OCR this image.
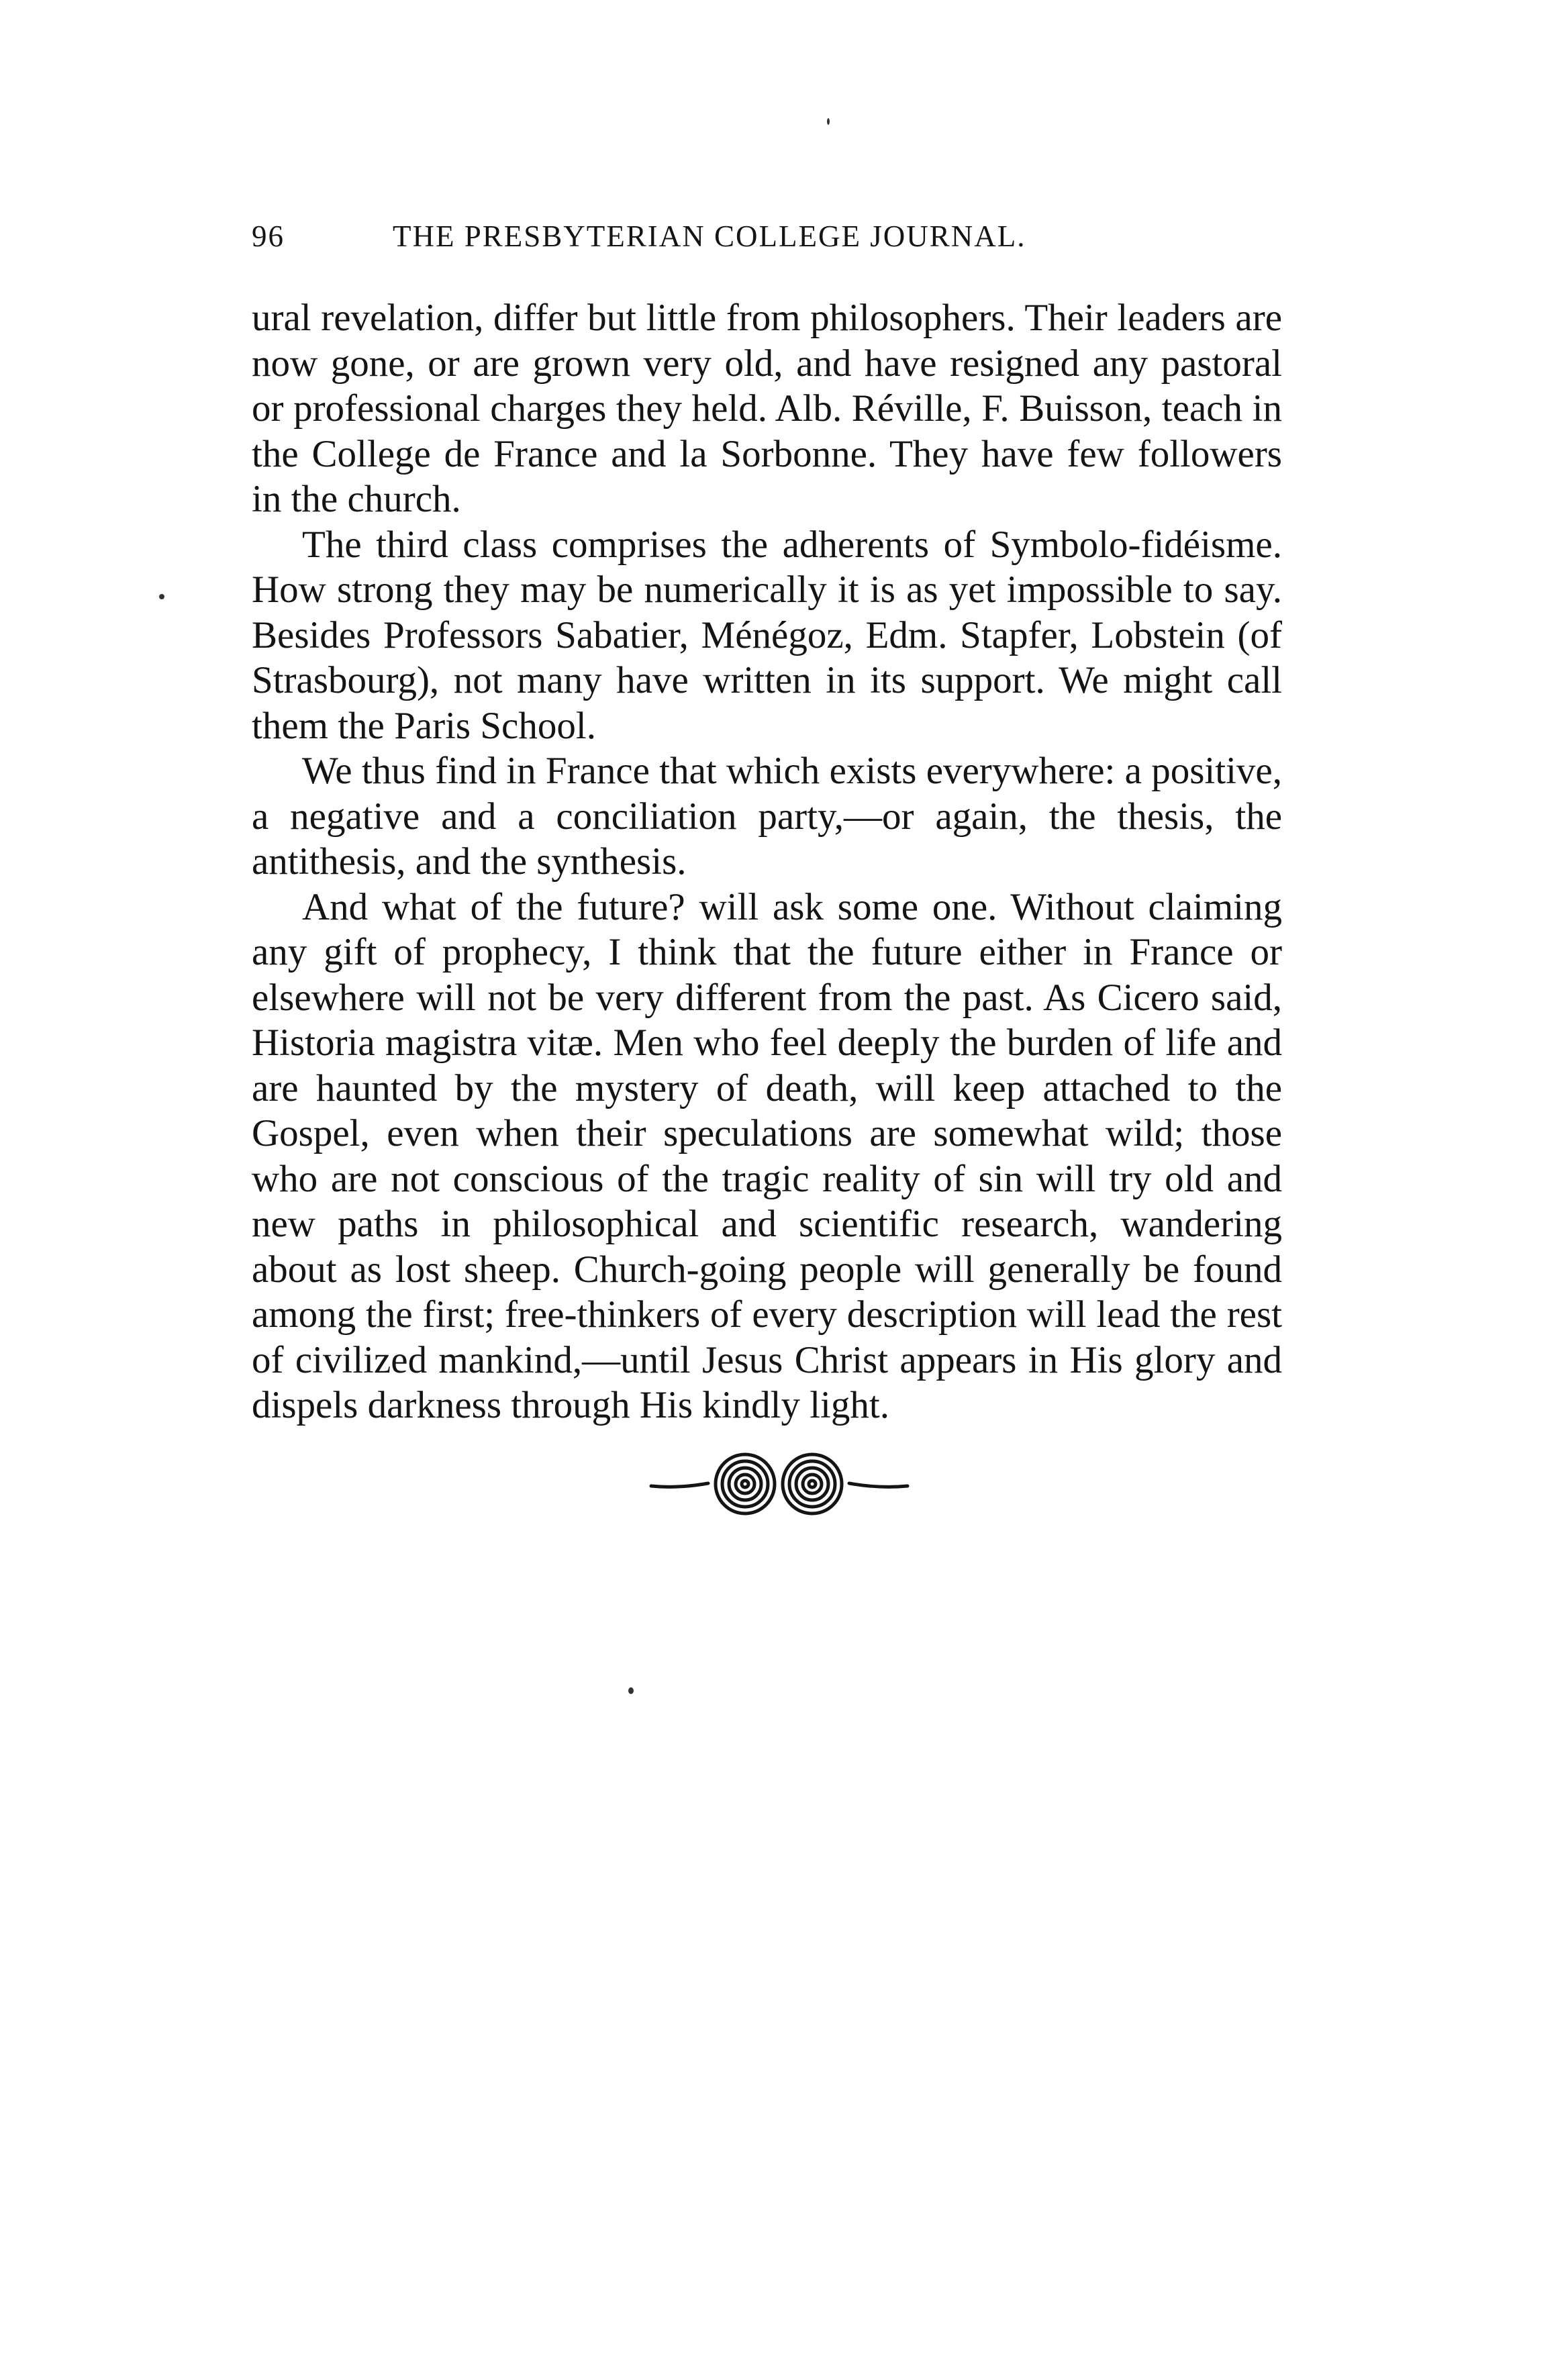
96	THE PRESBYTERIAN COLLEGE JOURNAL.

ural revelation, differ but little from philosophers. Their leaders are now gone, or are grown very old, and have resigned any pastoral or professional charges they held. Alb. Réville, F. Buisson, teach in the College de France and la Sorbonne. They have few followers in the church.

The third class comprises the adherents of Symbolo-fidéisme. How strong they may be numerically it is as yet impossible to say. Besides Professors Sabatier, Ménégoz, Edm. Stapfer, Lobstein (of Strasbourg), not many have written in its support. We might call them the Paris School.

We thus find in France that which exists everywhere: a positive, a negative and a conciliation party,—or again, the thesis, the antithesis, and the synthesis.

And what of the future? will ask some one. Without claiming any gift of prophecy, I think that the future either in France or elsewhere will not be very different from the past. As Cicero said, Historia magistra vitæ. Men who feel deeply the burden of life and are haunted by the mystery of death, will keep attached to the Gospel, even when their speculations are somewhat wild; those who are not conscious of the tragic reality of sin will try old and new paths in philosophical and scientific research, wandering about as lost sheep. Church-going people will generally be found among the first; free-thinkers of every description will lead the rest of civilized mankind,—until Jesus Christ appears in His glory and dispels darkness through His kindly light.
